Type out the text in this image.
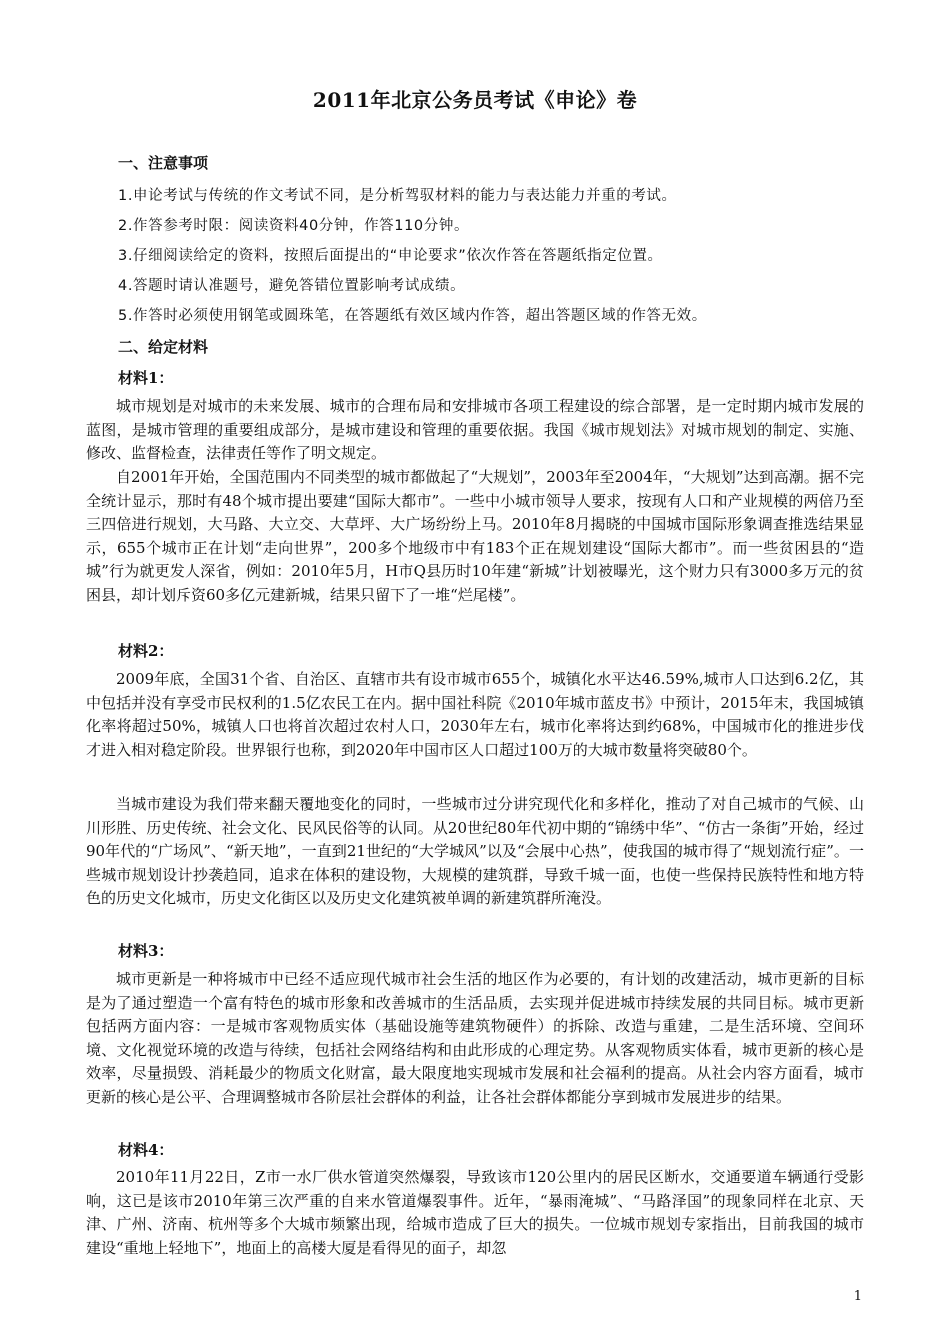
2011年北京公务员考试《申论》卷
一、注意事项
1.申论考试与传统的作文考试不同，是分析驾驭材料的能力与表达能力并重的考试。
2.作答参考时限：阅读资料40分钟，作答110分钟。
3.仔细阅读给定的资料，按照后面提出的“申论要求”依次作答在答题纸指定位置。
4.答题时请认准题号，避免答错位置影响考试成绩。
5.作答时必须使用钢笔或圆珠笔，在答题纸有效区域内作答，超出答题区域的作答无效。
二、给定材料
材料1：
城市规划是对城市的未来发展、城市的合理布局和安排城市各项工程建设的综合部署，是一定时期内城市发展的蓝图，是城市管理的重要组成部分，是城市建设和管理的重要依据。我国《城市规划法》对城市规划的制定、实施、修改、监督检查，法律责任等作了明文规定。
自2001年开始，全国范围内不同类型的城市都做起了“大规划”，2003年至2004年，“大规划”达到高潮。据不完全统计显示，那时有48个城市提出要建“国际大都市”。一些中小城市领导人要求，按现有人口和产业规模的两倍乃至三四倍进行规划，大马路、大立交、大草坪、大广场纷纷上马。2010年8月揭晓的中国城市国际形象调查推选结果显示，655个城市正在计划“走向世界”，200多个地级市中有183个正在规划建设“国际大都市”。而一些贫困县的“造城”行为就更发人深省，例如：2010年5月，H市Q县历时10年建“新城”计划被曝光，这个财力只有3000多万元的贫困县，却计划斥资60多亿元建新城，结果只留下了一堆“烂尾楼”。
材料2：
2009年底，全国31个省、自治区、直辖市共有设市城市655个，城镇化水平达46.59%,城市人口达到6.2亿，其中包括并没有享受市民权利的1.5亿农民工在内。据中国社科院《2010年城市蓝皮书》中预计，2015年末，我国城镇化率将超过50%，城镇人口也将首次超过农村人口，2030年左右，城市化率将达到约68%，中国城市化的推进步伐才进入相对稳定阶段。世界银行也称，到2020年中国市区人口超过100万的大城市数量将突破80个。
当城市建设为我们带来翻天覆地变化的同时，一些城市过分讲究现代化和多样化，推动了对自己城市的气候、山川形胜、历史传统、社会文化、民风民俗等的认同。从20世纪80年代初中期的“锦绣中华”、“仿古一条街”开始，经过90年代的“广场风”、“新天地”，一直到21世纪的“大学城风”以及“会展中心热”，使我国的城市得了“规划流行症”。一些城市规划设计抄袭趋同，追求在体积的建设物，大规模的建筑群，导致千城一面，也使一些保持民族特性和地方特色的历史文化城市，历史文化街区以及历史文化建筑被单调的新建筑群所淹没。
材料3：
城市更新是一种将城市中已经不适应现代城市社会生活的地区作为必要的，有计划的改建活动，城市更新的目标是为了通过塑造一个富有特色的城市形象和改善城市的生活品质，去实现并促进城市持续发展的共同目标。城市更新包括两方面内容：一是城市客观物质实体（基础设施等建筑物硬件）的拆除、改造与重建，二是生活环境、空间环境、文化视觉环境的改造与待续，包括社会网络结构和由此形成的心理定势。从客观物质实体看，城市更新的核心是效率，尽量损毁、消耗最少的物质文化财富，最大限度地实现城市发展和社会福利的提高。从社会内容方面看，城市更新的核心是公平、合理调整城市各阶层社会群体的利益，让各社会群体都能分享到城市发展进步的结果。
材料4：
2010年11月22日，Z市一水厂供水管道突然爆裂，导致该市120公里内的居民区断水，交通要道车辆通行受影响，这已是该市2010年第三次严重的自来水管道爆裂事件。近年，“暴雨淹城”、“马路泽国”的现象同样在北京、天津、广州、济南、杭州等多个大城市频繁出现，给城市造成了巨大的损失。一位城市规划专家指出，目前我国的城市建设“重地上轻地下”，地面上的高楼大厦是看得见的面子，却忽
1
